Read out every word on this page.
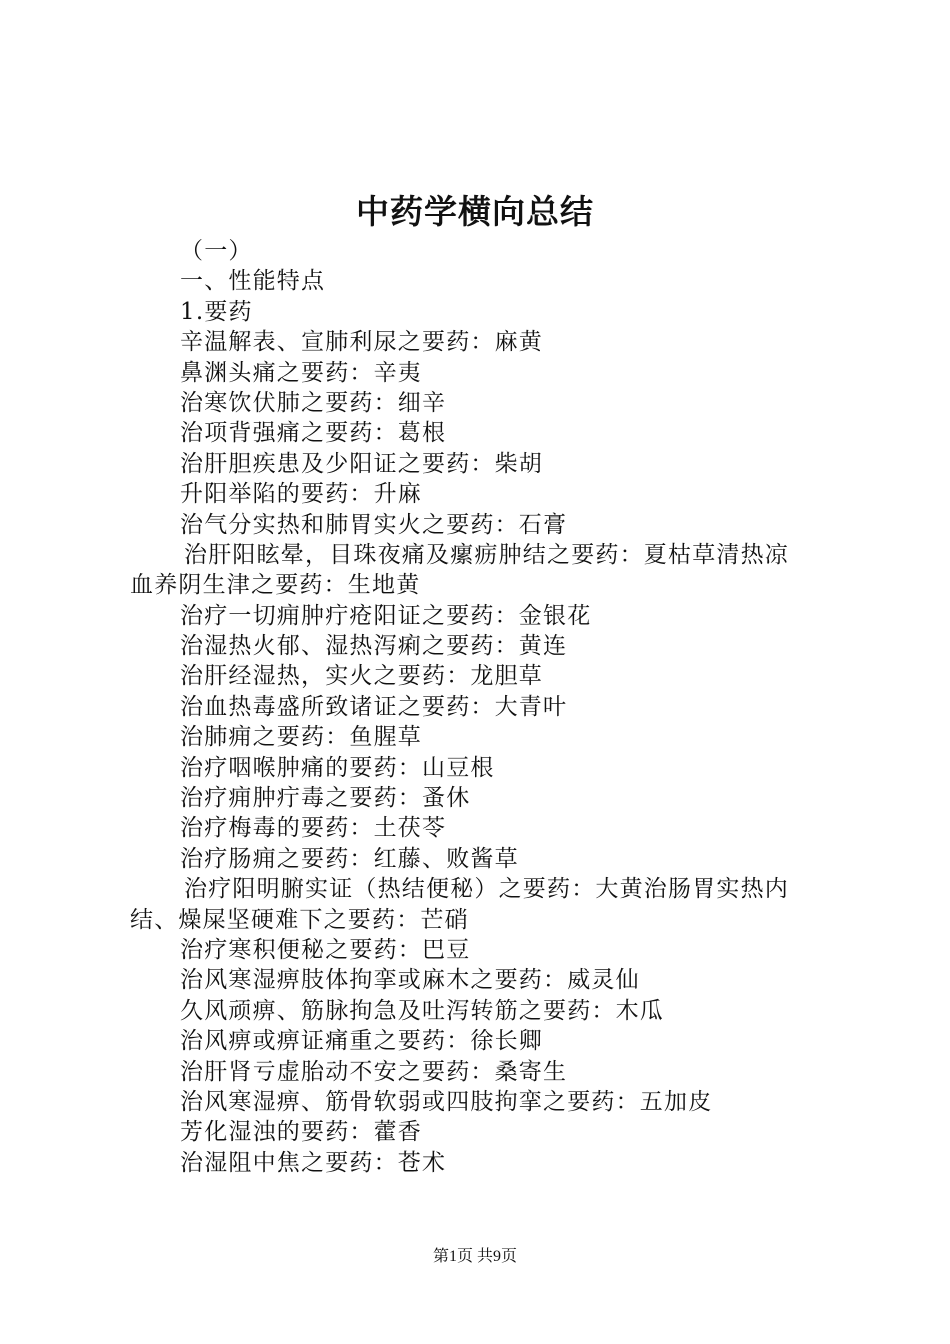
中药学横向总结
（一）
一、性能特点
1.要药
辛温解表、宣肺利尿之要药：麻黄
鼻渊头痛之要药：辛夷
治寒饮伏肺之要药：细辛
治项背强痛之要药：葛根
治肝胆疾患及少阳证之要药：柴胡
升阳举陷的要药：升麻
治气分实热和肺胃实火之要药：石膏
治肝阳眩晕，目珠夜痛及瘰疬肿结之要药：夏枯草清热凉
血养阴生津之要药：生地黄
治疗一切痈肿疔疮阳证之要药：金银花
治湿热火郁、湿热泻痢之要药：黄连
治肝经湿热，实火之要药：龙胆草
治血热毒盛所致诸证之要药：大青叶
治肺痈之要药：鱼腥草
治疗咽喉肿痛的要药：山豆根
治疗痈肿疔毒之要药：蚤休
治疗梅毒的要药：土茯苓
治疗肠痈之要药：红藤、败酱草
治疗阳明腑实证（热结便秘）之要药：大黄治肠胃实热内
结、燥屎坚硬难下之要药：芒硝
治疗寒积便秘之要药：巴豆
治风寒湿痹肢体拘挛或麻木之要药：威灵仙
久风顽痹、筋脉拘急及吐泻转筋之要药：木瓜
治风痹或痹证痛重之要药：徐长卿
治肝肾亏虚胎动不安之要药：桑寄生
治风寒湿痹、筋骨软弱或四肢拘挛之要药：五加皮
芳化湿浊的要药：藿香
治湿阻中焦之要药：苍术
第1页 共9页
